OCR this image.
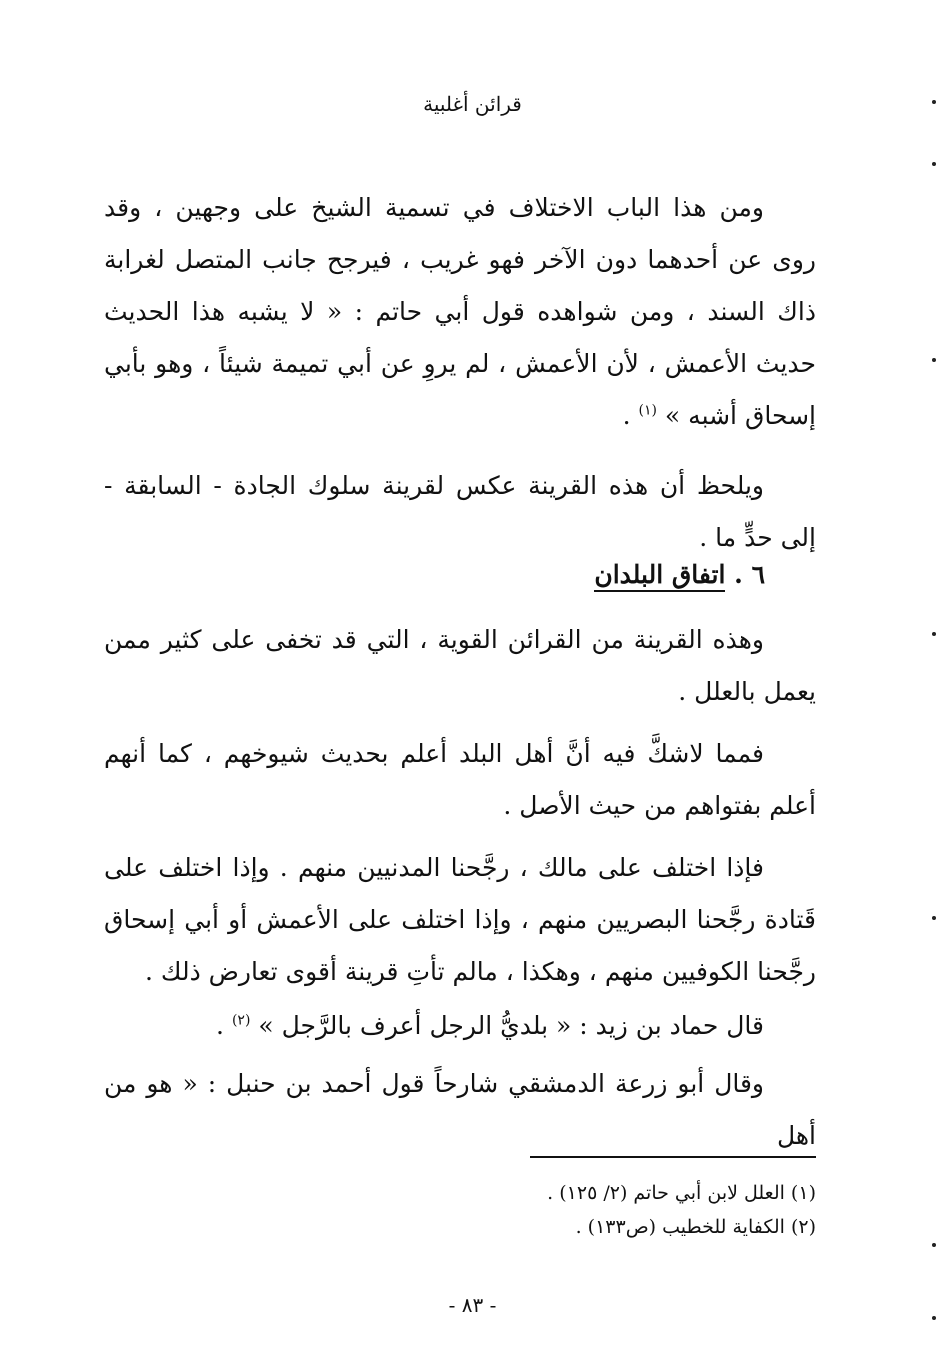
قرائن أغلبية

ومن هذا الباب الاختلاف في تسمية الشيخ على وجهين ، وقد روى عن أحدهما دون الآخر فهو غريب ، فيرجح جانب المتصل لغرابة ذاك السند ، ومن شواهده قول أبي حاتم : « لا يشبه هذا الحديث حديث الأعمش ، لأن الأعمش ، لم يروِ عن أبي تميمة شيئاً ، وهو بأبي إسحاق أشبه » $^{(١)}$ .

ويلحظ أن هذه القرينة عكس لقرينة سلوك الجادة - السابقة - إلى حدٍّ ما .

٦ . اتفاق البلدان

وهذه القرينة من القرائن القوية ، التي قد تخفى على كثير ممن يعمل بالعلل .

فمما لاشكَّ فيه أنَّ أهل البلد أعلم بحديث شيوخهم ، كما أنهم أعلم بفتواهم من حيث الأصل .

فإذا اختلف على مالك ، رجَّحنا المدنيين منهم . وإذا اختلف على قَتادة رجَّحنا البصريين منهم ، وإذا اختلف على الأعمش أو أبي إسحاق رجَّحنا الكوفيين منهم ، وهكذا ، مالم تأتِ قرينة أقوى تعارض ذلك .

قال حماد بن زيد : « بلديُّ الرجل أعرف بالرَّجل » $^{(٢)}$ .

وقال أبو زرعة الدمشقي شارحاً قول أحمد بن حنبل : « هو من أهل

(١) العلل لابن أبي حاتم (٢/ ١٢٥) .

(٢) الكفاية للخطيب (ص١٣٣) .

- ٨٣ -
